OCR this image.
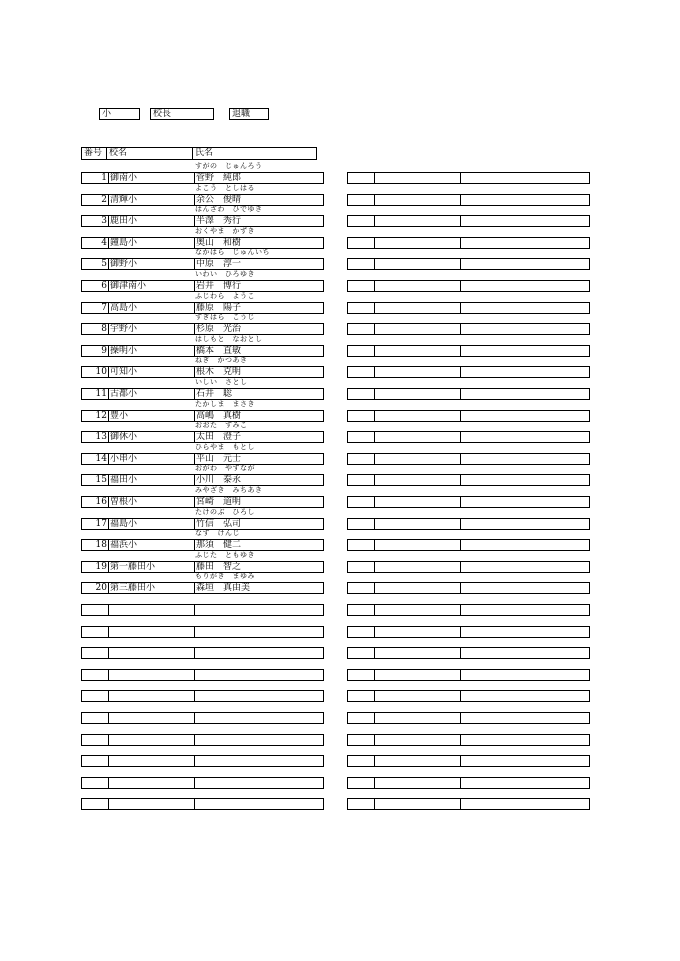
小	校長	退職
番号 校名	氏名
すがの　じゅんろう
1 御南小	菅野　純郎
よこう　としはる
2 清輝小	余公　俊晴
はんざわ　ひでゆき
3 鹿田小	半澤　秀行
おくやま　かずき
4 鐘島小	奥山　和樹
なかはら　じゅんいち
5 御野小	中原　淳一
いわい　ひろゆき
6 御津南小	岩井　博行
ふじわら　ようこ
7 高島小	藤原　陽子
すぎはら　こうじ
8 宇野小	杉原　光治
はしもと　なおとし
9 操明小	橋本　直敏
ねぎ　かつあき
10 可知小	根木　克明
いしい　さとし
11 古都小	石井　聡
たかしま　まさき
12 豊小	高嶋　真樹
おおた　すみこ
13 御休小	太田　澄子
ひらやま　もとし
14 小串小	平山　元士
おがわ　やすなが
15 福田小	小川　泰永
みやざき　みちあき
16 曽根小	宮崎　道明
たけのぶ　ひろし
17 福島小	竹信　弘司
なす　けんじ
18 福浜小	那須　健二
ふじた　ともゆき
19 第一藤田小	藤田　智之
もりがき　まゆみ
20 第三藤田小	森垣　真由美
